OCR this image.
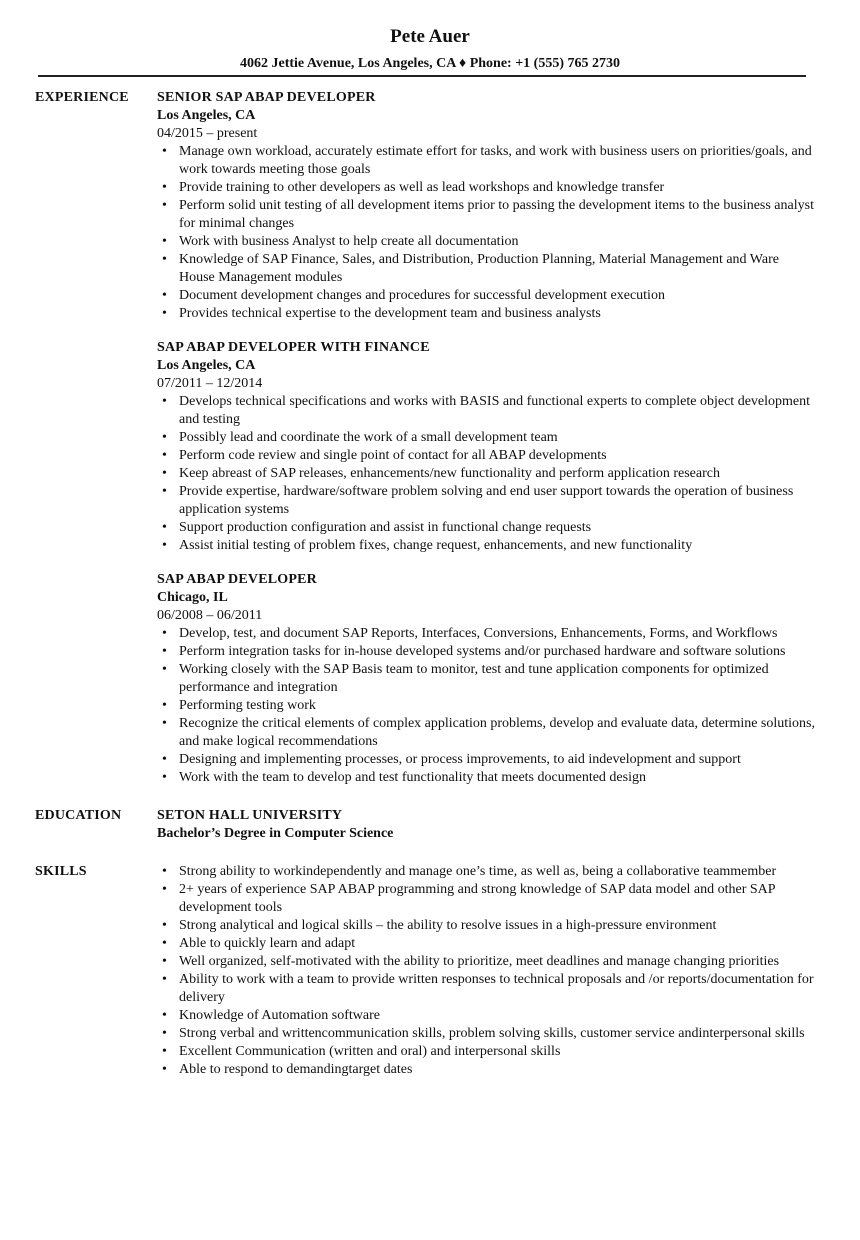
Pete Auer
4062 Jettie Avenue, Los Angeles, CA ♦ Phone: +1 (555) 765 2730
EXPERIENCE	SENIOR SAP ABAP DEVELOPER
Los Angeles, CA
04/2015 – present
• Manage own workload, accurately estimate effort for tasks, and work with business users on priorities/goals, and work towards meeting those goals
• Provide training to other developers as well as lead workshops and knowledge transfer
• Perform solid unit testing of all development items prior to passing the development items to the business analyst for minimal changes
• Work with business Analyst to help create all documentation
• Knowledge of SAP Finance, Sales, and Distribution, Production Planning, Material Management and Ware House Management modules
• Document development changes and procedures for successful development execution
• Provides technical expertise to the development team and business analysts
SAP ABAP DEVELOPER WITH FINANCE
Los Angeles, CA
07/2011 – 12/2014
• Develops technical specifications and works with BASIS and functional experts to complete object development and testing
• Possibly lead and coordinate the work of a small development team
• Perform code review and single point of contact for all ABAP developments
• Keep abreast of SAP releases, enhancements/new functionality and perform application research
• Provide expertise, hardware/software problem solving and end user support towards the operation of business application systems
• Support production configuration and assist in functional change requests
• Assist initial testing of problem fixes, change request, enhancements, and new functionality
SAP ABAP DEVELOPER
Chicago, IL
06/2008 – 06/2011
• Develop, test, and document SAP Reports, Interfaces, Conversions, Enhancements, Forms, and Workflows
• Perform integration tasks for in-house developed systems and/or purchased hardware and software solutions
• Working closely with the SAP Basis team to monitor, test and tune application components for optimized performance and integration
• Performing testing work
• Recognize the critical elements of complex application problems, develop and evaluate data, determine solutions, and make logical recommendations
• Designing and implementing processes, or process improvements, to aid indevelopment and support
• Work with the team to develop and test functionality that meets documented design
EDUCATION	SETON HALL UNIVERSITY
Bachelor’s Degree in Computer Science
SKILLS	• Strong ability to workindependently and manage one’s time, as well as, being a collaborative teammember
• 2+ years of experience SAP ABAP programming and strong knowledge of SAP data model and other SAP development tools
• Strong analytical and logical skills – the ability to resolve issues in a high-pressure environment
• Able to quickly learn and adapt
• Well organized, self-motivated with the ability to prioritize, meet deadlines and manage changing priorities
• Ability to work with a team to provide written responses to technical proposals and /or reports/documentation for delivery
• Knowledge of Automation software
• Strong verbal and writtencommunication skills, problem solving skills, customer service andinterpersonal skills
• Excellent Communication (written and oral) and interpersonal skills
• Able to respond to demandingtarget dates
